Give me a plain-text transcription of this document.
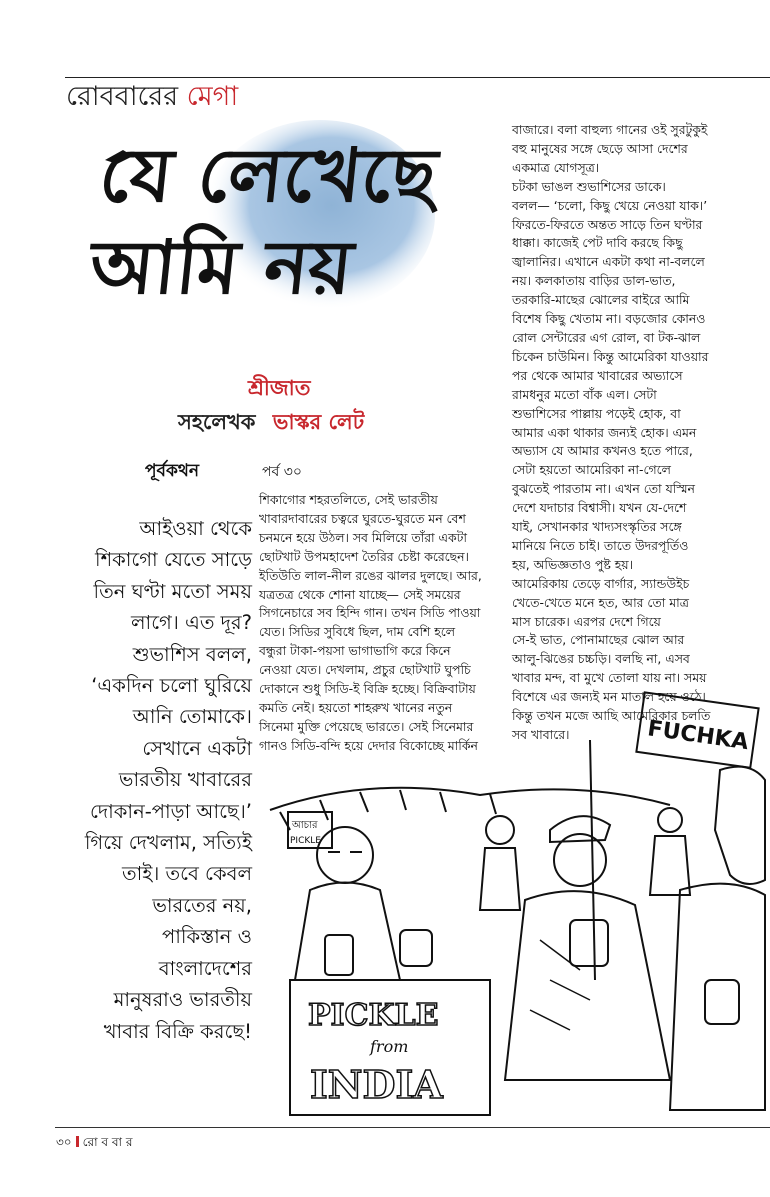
রোববারের মেগা
যে লেখেছে আমি নয়
শ্রীজাত
সহলেখক ভাস্কর লেট
পূর্বকথন	পর্ব ৩০
আইওয়া থেকে
শিকাগো যেতে সাড়ে
তিন ঘণ্টা মতো সময়
লাগে। এত দূর?
শুভাশিস বলল,
‘একদিন চলো ঘুরিয়ে
আনি তোমাকে।
সেখানে একটা
ভারতীয় খাবারের
দোকান-পাড়া আছে।’
গিয়ে দেখলাম, সত্যিই
তাই। তবে কেবল
ভারতের নয়,
পাকিস্তান ও
বাংলাদেশের
মানুষরাও ভারতীয়
খাবার বিক্রি করছে!
শিকাগোর শহরতলিতে, সেই ভারতীয়
খাবারদাবারের চত্বরে ঘুরতে-ঘুরতে মন বেশ
চনমনে হয়ে উঠল। সব মিলিয়ে তাঁরা একটা
ছোটখাট উপমহাদেশ তৈরির চেষ্টা করেছেন।
ইতিউতি লাল-নীল রঙের ঝালর দুলছে। আর,
যত্রতত্র থেকে শোনা যাচ্ছে— সেই সময়ের
সিগনেচারে সব হিন্দি গান। তখন সিডি পাওয়া
যেত। সিডির সুবিধে ছিল, দাম বেশি হলে
বন্ধুরা টাকা-পয়সা ভাগাভাগি করে কিনে
নেওয়া যেত। দেখলাম, প্রচুর ছোটখাট ঘুপচি
দোকানে শুধু সিডি-ই বিক্রি হচ্ছে। বিক্রিবাটায়
কমতি নেই। হয়তো শাহরুখ খানের নতুন
সিনেমা মুক্তি পেয়েছে ভারতে। সেই সিনেমার
গানও সিডি-বন্দি হয়ে দেদার বিকোচ্ছে মার্কিন
বাজারে। বলা বাহুল্য গানের ওই সুরটুকুই
বহু মানুষের সঙ্গে ছেড়ে আসা দেশের
একমাত্র যোগসূত্র।
চটকা ভাঙল শুভাশিসের ডাকে।
বলল— ‘চলো, কিছু খেয়ে নেওয়া যাক।’
ফিরতে-ফিরতে অন্তত সাড়ে তিন ঘণ্টার
ধাক্কা। কাজেই পেট দাবি করছে কিছু
জ্বালানির। এখানে একটা কথা না-বললে
নয়। কলকাতায় বাড়ির ডাল-ভাত,
তরকারি-মাছের ঝোলের বাইরে আমি
বিশেষ কিছু খেতাম না। বড়জোর কোনও
রোল সেন্টারের এগ রোল, বা টক-ঝাল
চিকেন চাউমিন। কিন্তু আমেরিকা যাওয়ার
পর থেকে আমার খাবারের অভ্যাসে
রামধনুর মতো বাঁক এল। সেটা
শুভাশিসের পাল্লায় পড়েই হোক, বা
আমার একা থাকার জন্যই হোক। এমন
অভ্যাস যে আমার কখনও হতে পারে,
সেটা হয়তো আমেরিকা না-গেলে
বুঝতেই পারতাম না। এখন তো যস্মিন
দেশে যদাচার বিশ্বাসী। যখন যে-দেশে
যাই, সেখানকার খাদ্যসংস্কৃতির সঙ্গে
মানিয়ে নিতে চাই। তাতে উদরপূর্তিও
হয়, অভিজ্ঞতাও পুষ্ট হয়।
আমেরিকায় তেড়ে বার্গার, স্যান্ডউইচ
খেতে-খেতে মনে হত, আর তো মাত্র
মাস চারেক। এরপর দেশে গিয়ে
সে-ই ভাত, পোনামাছের ঝোল আর
আলু-ঝিঙের চচ্চড়ি। বলছি না, এসব
খাবার মন্দ, বা মুখে তোলা যায় না। সময়
বিশেষে এর জন্যই মন মাতাল হয়ে ওঠে।
কিন্তু তখন মজে আছি আমেরিকার চলতি
সব খাবারে।	FUCHKA
PICKLE
from
INDIA
আচার
PICKLE
৩০ রো ব বা র
